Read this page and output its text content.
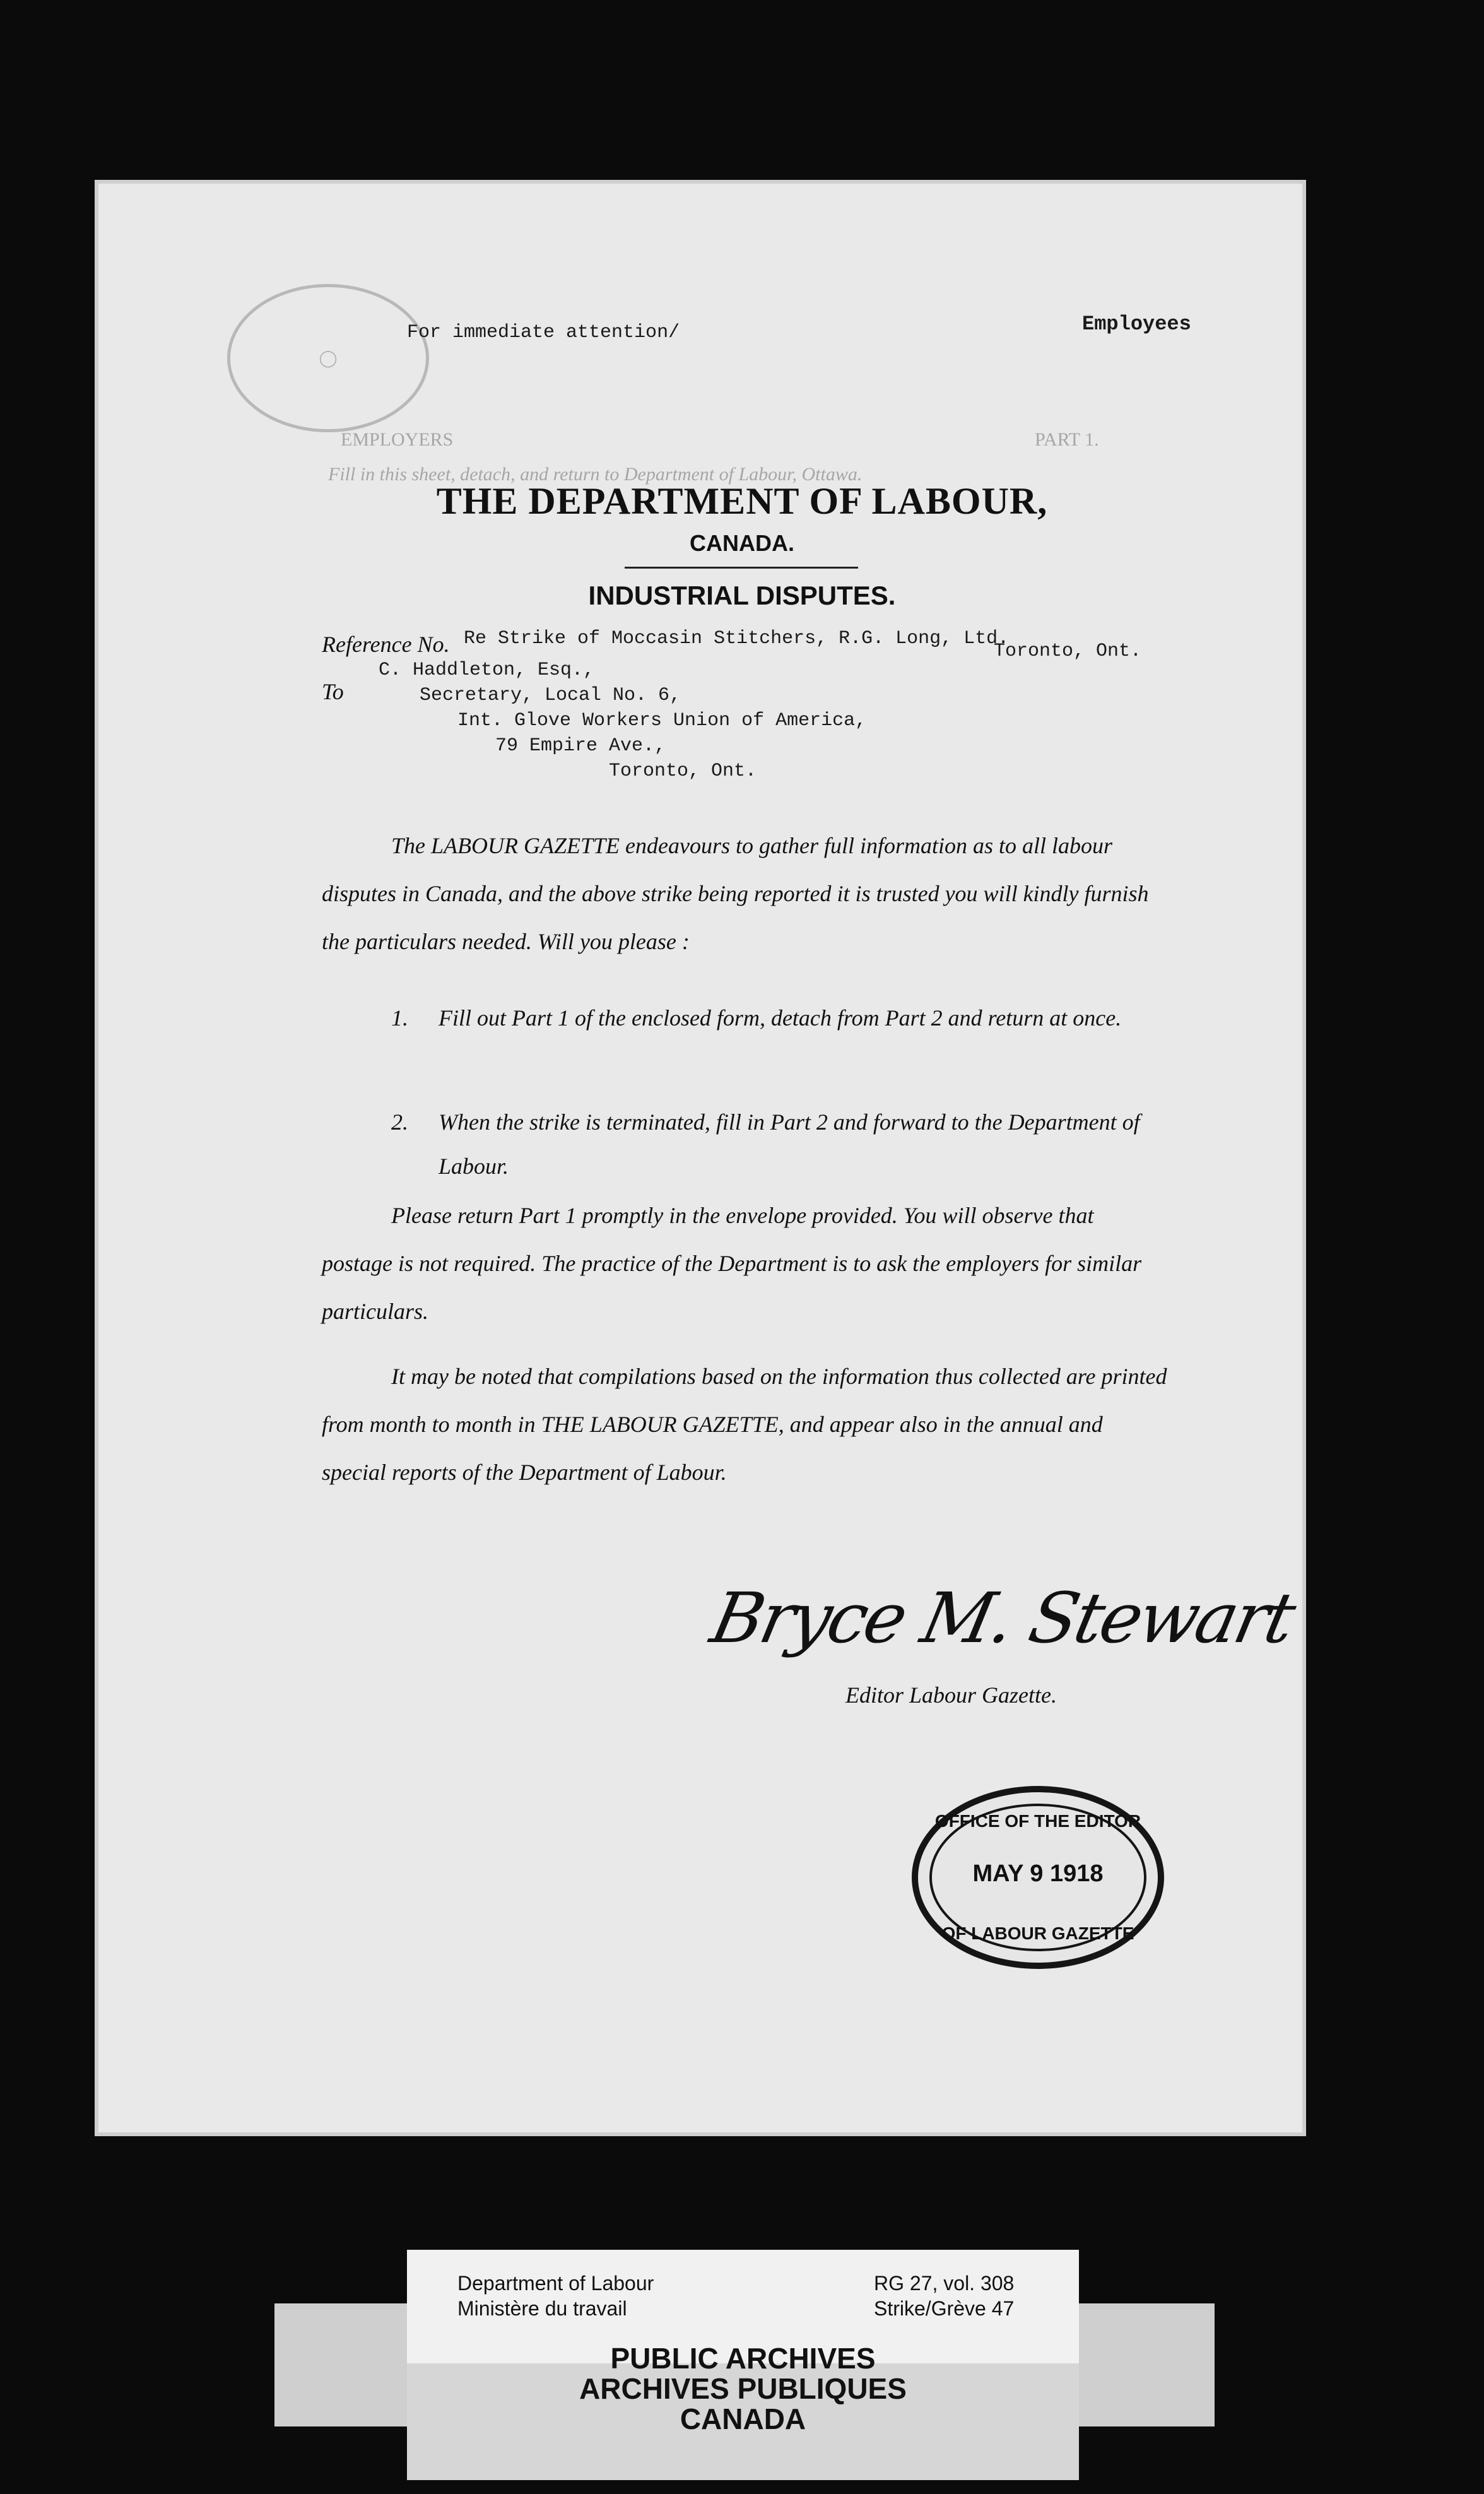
EMPLOYERS	PART 1.
Fill in this sheet, detach, and return to Department of Labour, Ottawa.
◯
For immediate attention/	Employees
THE DEPARTMENT OF LABOUR,
CANADA.
INDUSTRIAL DISPUTES.
Reference No. Re Strike of Moccasin Stitchers, R.G. Long, Ltd.
Toronto, Ont.
To
C. Haddleton, Esq.,
Secretary, Local No. 6,
Int. Glove Workers Union of America,
79 Empire Ave.,
Toronto, Ont.
The LABOUR GAZETTE endeavours to gather full information as to all labour disputes in Canada, and the above strike being reported it is trusted you will kindly furnish the particulars needed. Will you please :
1. Fill out Part 1 of the enclosed form, detach from Part 2 and return at once.
2. When the strike is terminated, fill in Part 2 and forward to the Department of Labour.
Please return Part 1 promptly in the envelope provided. You will observe that postage is not required. The practice of the Department is to ask the employers for similar particulars.
It may be noted that compilations based on the information thus collected are printed from month to month in THE LABOUR GAZETTE, and appear also in the annual and special reports of the Department of Labour.
Bryce M. Stewart
Editor Labour Gazette.
OFFICE OF THE EDITOR
MAY 9 1918
OF LABOUR GAZETTE
Department of Labour
Ministère du travail
RG 27, vol. 308
Strike/Grève 47
PUBLIC ARCHIVES
ARCHIVES PUBLIQUES
CANADA
